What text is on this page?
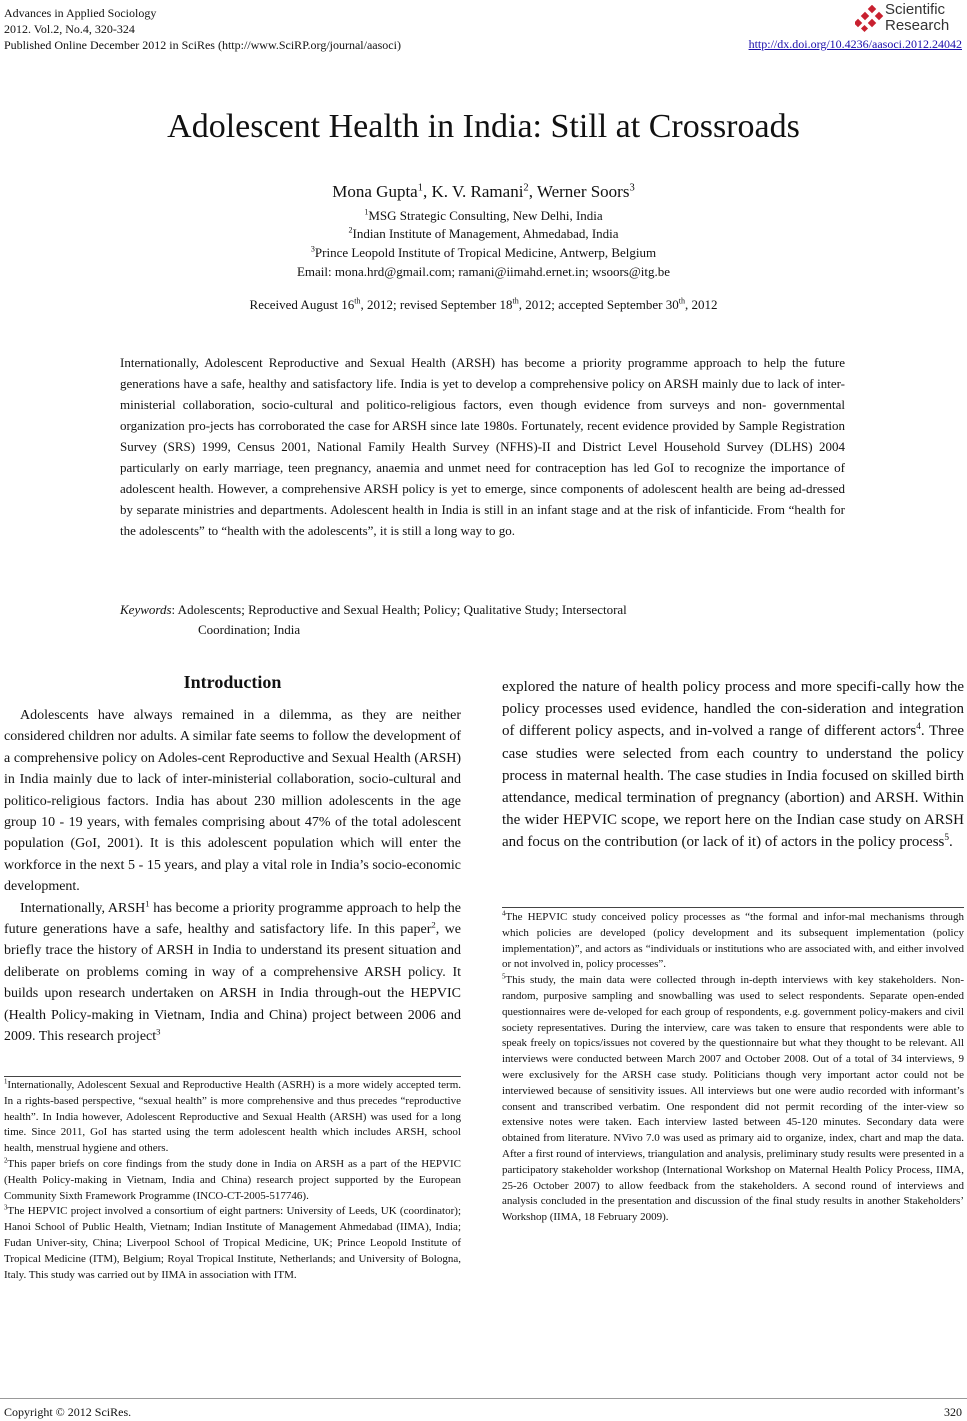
Advances in Applied Sociology
2012. Vol.2, No.4, 320-324
Published Online December 2012 in SciRes (http://www.SciRP.org/journal/aasoci)
Scientific
Research
http://dx.doi.org/10.4236/aasoci.2012.24042
Adolescent Health in India: Still at Crossroads
Mona Gupta$^1$, K. V. Ramani$^2$, Werner Soors$^3$
$^1$MSG Strategic Consulting, New Delhi, India
$^2$Indian Institute of Management, Ahmedabad, India
$^3$Prince Leopold Institute of Tropical Medicine, Antwerp, Belgium
Email: mona.hrd@gmail.com; ramani@iimahd.ernet.in; wsoors@itg.be
Received August 16th, 2012; revised September 18th, 2012; accepted September 30th, 2012
Internationally, Adolescent Reproductive and Sexual Health (ARSH) has become a priority programme approach to help the future generations have a safe, healthy and satisfactory life. India is yet to develop a comprehensive policy on ARSH mainly due to lack of inter-ministerial collaboration, socio-cultural and politico-religious factors, even though evidence from surveys and non- governmental organization pro-jects has corroborated the case for ARSH since late 1980s. Fortunately, recent evidence provided by Sample Registration Survey (SRS) 1999, Census 2001, National Family Health Survey (NFHS)-II and District Level Household Survey (DLHS) 2004 particularly on early marriage, teen pregnancy, anaemia and unmet need for contraception has led GoI to recognize the importance of adolescent health. However, a comprehensive ARSH policy is yet to emerge, since components of adolescent health are being ad-dressed by separate ministries and departments. Adolescent health in India is still in an infant stage and at the risk of infanticide. From “health for the adolescents” to “health with the adolescents”, it is still a long way to go.
Keywords: Adolescents; Reproductive and Sexual Health; Policy; Qualitative Study; Intersectoral
Coordination; India
Introduction

Adolescents have always remained in a dilemma, as they are neither considered children nor adults. A similar fate seems to follow the development of a comprehensive policy on Adoles-cent Reproductive and Sexual Health (ARSH) in India mainly due to lack of inter-ministerial collaboration, socio-cultural and politico-religious factors. India has about 230 million adolescents in the age group 10 - 19 years, with females comprising about 47% of the total adolescent population (GoI, 2001). It is this adolescent population which will enter the workforce in the next 5 - 15 years, and play a vital role in India’s socio-economic development.

Internationally, ARSH$^1$ has become a priority programme approach to help the future generations have a safe, healthy and satisfactory life. In this paper$^2$, we briefly trace the history of ARSH in India to understand its present situation and deliberate on problems coming in way of a comprehensive ARSH policy. It builds upon research undertaken on ARSH in India through-out the HEPVIC (Health Policy-making in Vietnam, India and China) project between 2006 and 2009. This research project$^3$

$^1$Internationally, Adolescent Sexual and Reproductive Health (ASRH) is a more widely accepted term. In a rights-based perspective, “sexual health” is more comprehensive and thus precedes “reproductive health”. In India however, Adolescent Reproductive and Sexual Health (ARSH) was used for a long time. Since 2011, GoI has started using the term adolescent health which includes ARSH, school health, menstrual hygiene and others.

$^2$This paper briefs on core findings from the study done in India on ARSH as a part of the HEPVIC (Health Policy-making in Vietnam, India and China) research project supported by the European Community Sixth Framework Programme (INCO-CT-2005-517746).

$^3$The HEPVIC project involved a consortium of eight partners: University of Leeds, UK (coordinator); Hanoi School of Public Health, Vietnam; Indian Institute of Management Ahmedabad (IIMA), India; Fudan Univer-sity, China; Liverpool School of Tropical Medicine, UK; Prince Leopold Institute of Tropical Medicine (ITM), Belgium; Royal Tropical Institute, Netherlands; and University of Bologna, Italy. This study was carried out by IIMA in association with ITM.

explored the nature of health policy process and more specifi-cally how the policy processes used evidence, handled the con-sideration and integration of different policy aspects, and in-volved a range of different actors$^4$. Three case studies were selected from each country to understand the policy process in maternal health. The case studies in India focused on skilled birth attendance, medical termination of pregnancy (abortion) and ARSH. Within the wider HEPVIC scope, we report here on the Indian case study on ARSH and focus on the contribution (or lack of it) of actors in the policy process$^5$.

$^4$The HEPVIC study conceived policy processes as “the formal and infor-mal mechanisms through which policies are developed (policy development and its subsequent implementation (policy implementation)”, and actors as “individuals or institutions who are associated with, and either involved or not involved in, policy processes”.

$^5$This study, the main data were collected through in-depth interviews with key stakeholders. Non-random, purposive sampling and snowballing was used to select respondents. Separate open-ended questionnaires were de-veloped for each group of respondents, e.g. government policy-makers and civil society representatives. During the interview, care was taken to ensure that respondents were able to speak freely on topics/issues not covered by the questionnaire but what they thought to be relevant. All interviews were conducted between March 2007 and October 2008. Out of a total of 34 interviews, 9 were exclusively for the ARSH case study. Politicians though very important actor could not be interviewed because of sensitivity issues. All interviews but one were audio recorded with informant’s consent and transcribed verbatim. One respondent did not permit recording of the inter-view so extensive notes were taken. Each interview lasted between 45-120 minutes. Secondary data were obtained from literature. NVivo 7.0 was used as primary aid to organize, index, chart and map the data. After a first round of interviews, triangulation and analysis, preliminary study results were presented in a participatory stakeholder workshop (International Workshop on Maternal Health Policy Process, IIMA, 25-26 October 2007) to allow feedback from the stakeholders. A second round of interviews and analysis concluded in the presentation and discussion of the final study results in another Stakeholders’ Workshop (IIMA, 18 February 2009).

Copyright © 2012 SciRes.	320
